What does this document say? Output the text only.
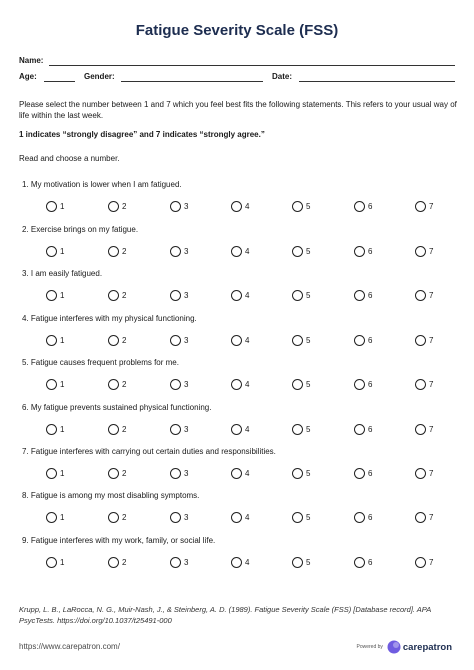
Fatigue Severity Scale (FSS)
Name:
Age:	Gender:	Date:
Please select the number between 1 and 7 which you feel best fits the following statements. This refers to your usual way of life within the last week.
1 indicates “strongly disagree” and 7 indicates “strongly agree.”
Read and choose a number.
1. My motivation is lower when I am fatigued.
1	2	3	4	5	6	7
2. Exercise brings on my fatigue.
1	2	3	4	5	6	7
3. I am easily fatigued.
1	2	3	4	5	6	7
4. Fatigue interferes with my physical functioning.
1	2	3	4	5	6	7
5. Fatigue causes frequent problems for me.
1	2	3	4	5	6	7
6. My fatigue prevents sustained physical functioning.
1	2	3	4	5	6	7
7. Fatigue interferes with carrying out certain duties and responsibilities.
1	2	3	4	5	6	7
8. Fatigue is among my most disabling symptoms.
1	2	3	4	5	6	7
9. Fatigue interferes with my work, family, or social life.
1	2	3	4	5	6	7
Krupp, L. B., LaRocca, N. G., Muir-Nash, J., & Steinberg, A. D. (1989). Fatigue Severity Scale (FSS) [Database record]. APA PsycTests. https://doi.org/10.1037/t25491-000
https://www.carepatron.com/	Powered by carepatron
